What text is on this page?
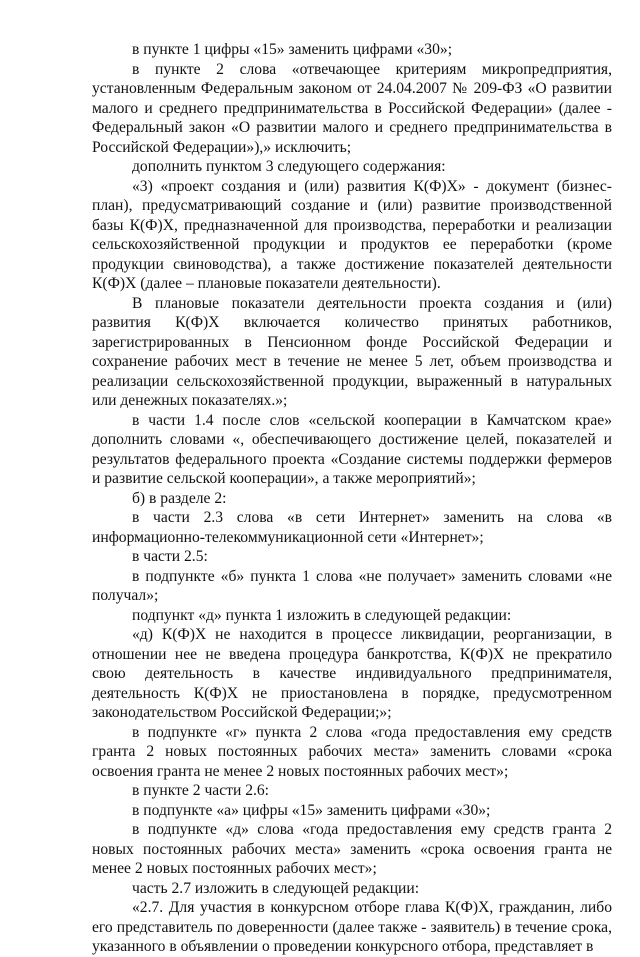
в пункте 1 цифры «15» заменить цифрами «30»;

в пункте 2 слова «отвечающее критериям микропредприятия, установленным Федеральным законом от 24.04.2007 № 209-ФЗ «О развитии малого и среднего предпринимательства в Российской Федерации» (далее - Федеральный закон «О развитии малого и среднего предпринимательства в Российской Федерации»),» исключить;

дополнить пунктом 3 следующего содержания:

«3) «проект создания и (или) развития К(Ф)Х» - документ (бизнес-план), предусматривающий создание и (или) развитие производственной базы К(Ф)Х, предназначенной для производства, переработки и реализации сельскохозяйственной продукции и продуктов ее переработки (кроме продукции свиноводства), а также достижение показателей деятельности К(Ф)Х (далее – плановые показатели деятельности).

В плановые показатели деятельности проекта создания и (или) развития К(Ф)Х включается количество принятых работников, зарегистрированных в Пенсионном фонде Российской Федерации и сохранение рабочих мест в течение не менее 5 лет, объем производства и реализации сельскохозяйственной продукции, выраженный в натуральных или денежных показателях.»;

в части 1.4 после слов «сельской кооперации в Камчатском крае» дополнить словами «, обеспечивающего достижение целей, показателей и результатов федерального проекта «Создание системы поддержки фермеров и развитие сельской кооперации», а также мероприятий»;

б) в разделе 2:

в части 2.3 слова «в сети Интернет» заменить на слова «в информационно-телекоммуникационной сети «Интернет»;

в части 2.5:

в подпункте «б» пункта 1 слова «не получает» заменить словами «не получал»;

подпункт «д» пункта 1 изложить в следующей редакции:

«д) К(Ф)Х не находится в процессе ликвидации, реорганизации, в отношении нее не введена процедура банкротства, К(Ф)Х не прекратило свою деятельность в качестве индивидуального предпринимателя, деятельность К(Ф)Х не приостановлена в порядке, предусмотренном законодательством Российской Федерации;»;

в подпункте «г» пункта 2 слова «года предоставления ему средств гранта 2 новых постоянных рабочих места» заменить словами «срока освоения гранта не менее 2 новых постоянных рабочих мест»;

в пункте 2 части 2.6:

в подпункте «а» цифры «15» заменить цифрами «30»;

в подпункте «д» слова «года предоставления ему средств гранта 2 новых постоянных рабочих места» заменить «срока освоения гранта не менее 2 новых постоянных рабочих мест»;

часть 2.7 изложить в следующей редакции:

«2.7. Для участия в конкурсном отборе глава К(Ф)Х, гражданин, либо его представитель по доверенности (далее также - заявитель) в течение срока, указанного в объявлении о проведении конкурсного отбора, представляет в
